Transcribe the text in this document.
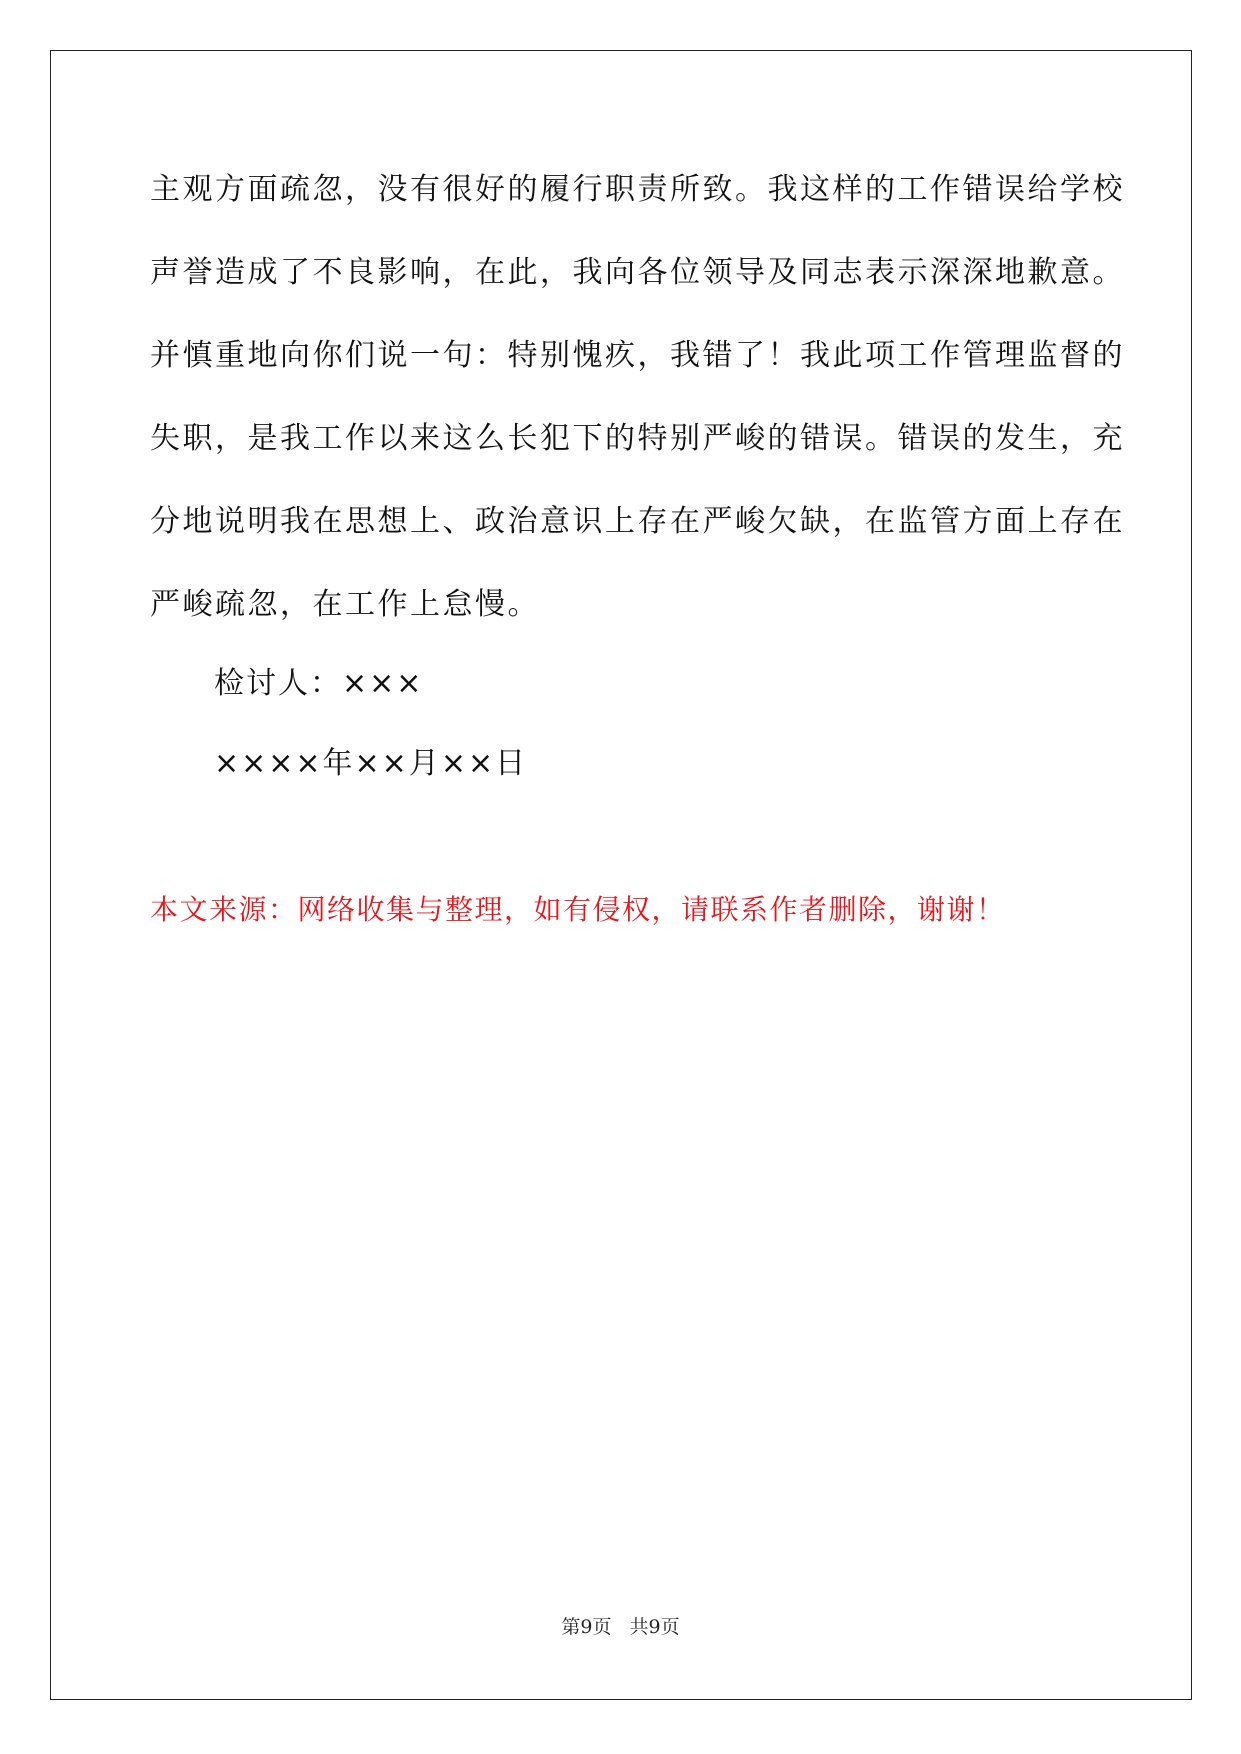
主观方面疏忽，没有很好的履行职责所致。我这样的工作错误给学校
声誉造成了不良影响，在此，我向各位领导及同志表示深深地歉意。
并慎重地向你们说一句：特别愧疚，我错了！我此项工作管理监督的
失职，是我工作以来这么长犯下的特别严峻的错误。错误的发生，充
分地说明我在思想上、政治意识上存在严峻欠缺，在监管方面上存在
严峻疏忽，在工作上怠慢。
检讨人：×××
××××年××月××日
本文来源：网络收集与整理，如有侵权，请联系作者删除，谢谢！
第9页 共9页
